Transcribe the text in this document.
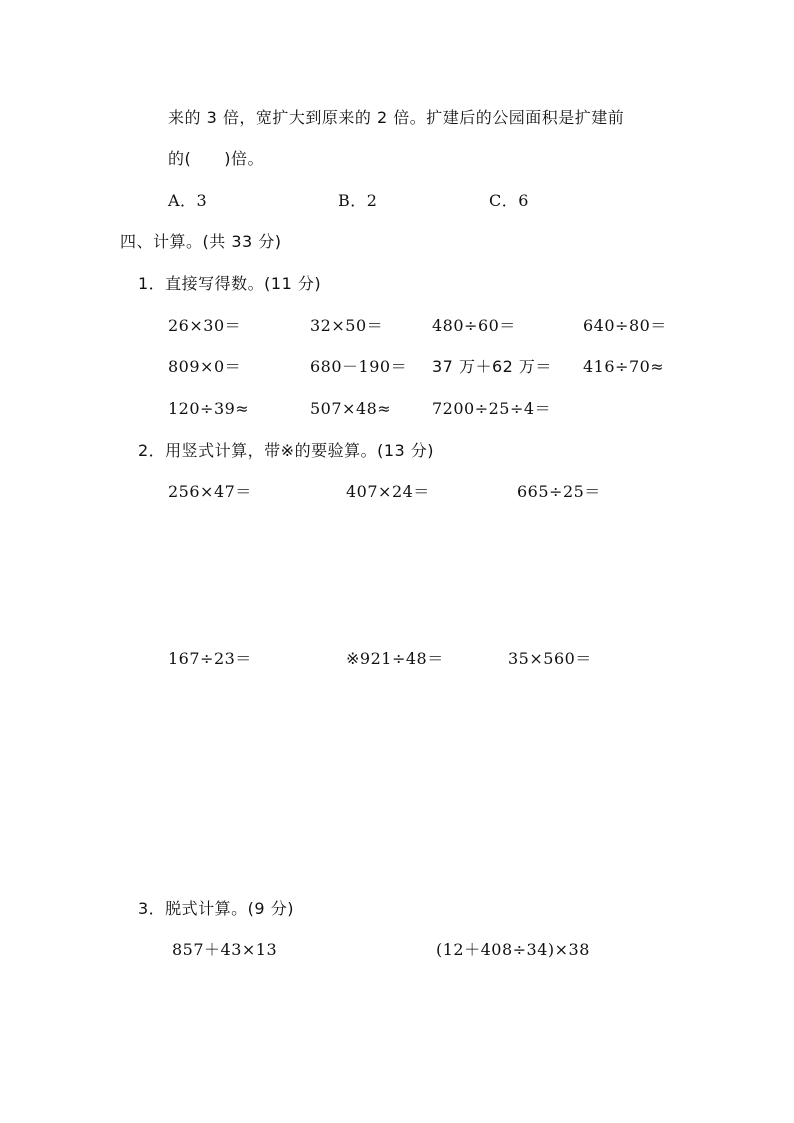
来的 3 倍，宽扩大到原来的 2 倍。扩建后的公园面积是扩建前
的(　　)倍。
A．3	B．2	C．6
四、计算。(共 33 分)
1．直接写得数。(11 分)
26×30＝	32×50＝	480÷60＝	640÷80＝
809×0＝	680－190＝ 37 万＋62 万＝ 416÷70≈
120÷39≈	507×48≈	7200÷25÷4＝
2．用竖式计算，带※的要验算。(13 分)
256×47＝	407×24＝	665÷25＝
167÷23＝	※921÷48＝	35×560＝
3．脱式计算。(9 分)
857＋43×13	(12＋408÷34)×38
